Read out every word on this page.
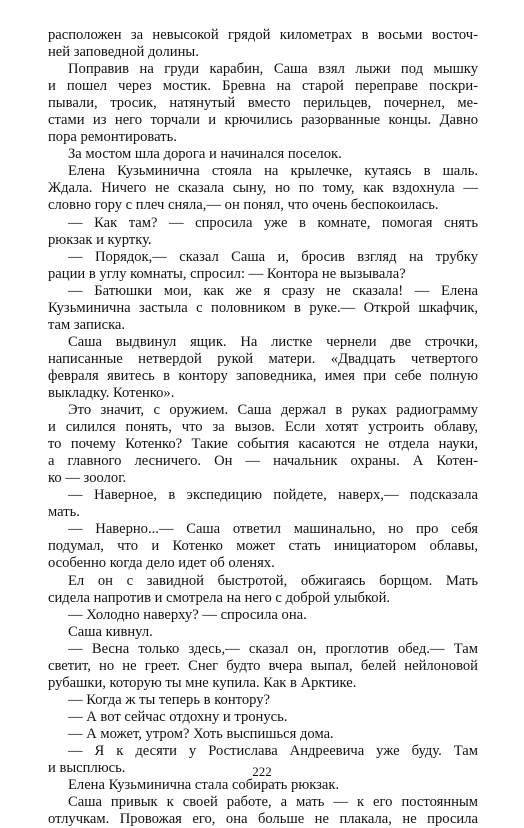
расположен за невысокой грядой километрах в восьми восточ-
ней заповедной долины.
Поправив на груди карабин, Саша взял лыжи под мышку
и пошел через мостик. Бревна на старой переправе поскри-
пывали, тросик, натянутый вместо перильцев, почернел, ме-
стами из него торчали и крючились разорванные концы. Давно
пора ремонтировать.
За мостом шла дорога и начинался поселок.
Елена Кузьминична стояла на крылечке, кутаясь в шаль.
Ждала. Ничего не сказала сыну, но по тому, как вздохнула —
словно гору с плеч сняла,— он понял, что очень беспокоилась.
— Как там? — спросила уже в комнате, помогая снять
рюкзак и куртку.
— Порядок,— сказал Саша и, бросив взгляд на трубку
рации в углу комнаты, спросил: — Контора не вызывала?
— Батюшки мои, как же я сразу не сказала! — Елена
Кузьминична застыла с половником в руке.— Открой шкафчик,
там записка.
Саша выдвинул ящик. На листке чернели две строчки,
написанные нетвердой рукой матери. «Двадцать четвертого
февраля явитесь в контору заповедника, имея при себе полную
выкладку. Котенко».
Это значит, с оружием. Саша держал в руках радиограмму
и силился понять, что за вызов. Если хотят устроить облаву,
то почему Котенко? Такие события касаются не отдела науки,
а главного лесничего. Он — начальник охраны. А Котен-
ко — зоолог.
— Наверное, в экспедицию пойдете, наверх,— подсказала
мать.
— Наверно...— Саша ответил машинально, но про себя
подумал, что и Котенко может стать инициатором облавы,
особенно когда дело идет об оленях.
Ел он с завидной быстротой, обжигаясь борщом. Мать
сидела напротив и смотрела на него с доброй улыбкой.
— Холодно наверху? — спросила она.
Саша кивнул.
— Весна только здесь,— сказал он, проглотив обед.— Там
светит, но не греет. Снег будто вчера выпал, белей нейлоновой
рубашки, которую ты мне купила. Как в Арктике.
— Когда ж ты теперь в контору?
— А вот сейчас отдохну и тронусь.
— А может, утром? Хоть выспишься дома.
— Я к десяти у Ростислава Андреевича уже буду. Там
и высплюсь.
Елена Кузьминична стала собирать рюкзак.
Саша привык к своей работе, а мать — к его постоянным
отлучкам. Провожая его, она больше не плакала, не просила
222
